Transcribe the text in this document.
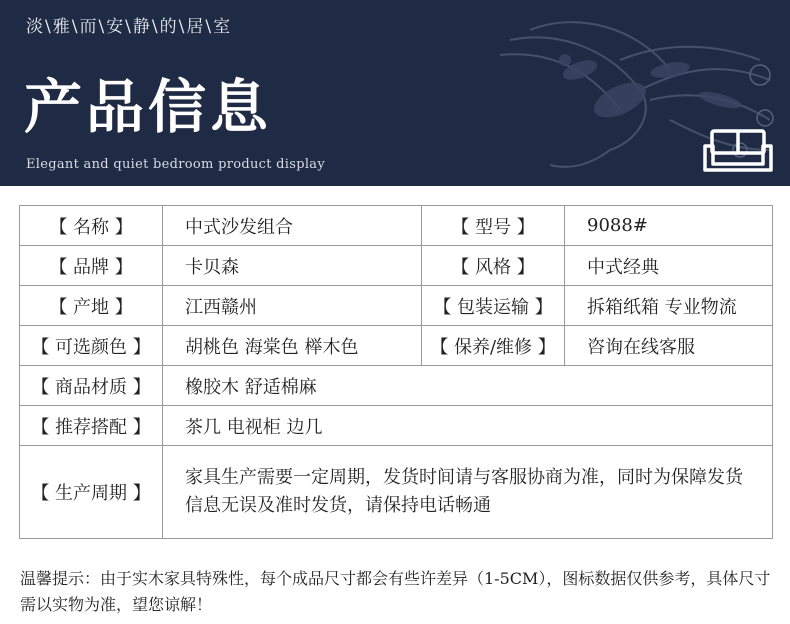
淡\雅\而\安\静\的\居\室
产品信息
Elegant and quiet bedroom product display
【 名称 】	中式沙发组合	【 型号 】	9088#
【 品牌 】	卡贝森	【 风格 】	中式经典
【 产地 】	江西赣州	【 包装运输 】	拆箱纸箱 专业物流
【 可选颜色 】	胡桃色 海棠色 榉木色	【 保养/维修 】	咨询在线客服
【 商品材质 】	橡胶木 舒适棉麻		
【 推荐搭配 】	茶几 电视柜 边几		
【 生产周期 】	家具生产需要一定周期，发货时间请与客服协商为准，同时为保障发货信息无误及准时发货，请保持电话畅通		
温馨提示：由于实木家具特殊性，每个成品尺寸都会有些许差异（1-5CM），图标数据仅供参考，具体尺寸需以实物为准，望您谅解！
